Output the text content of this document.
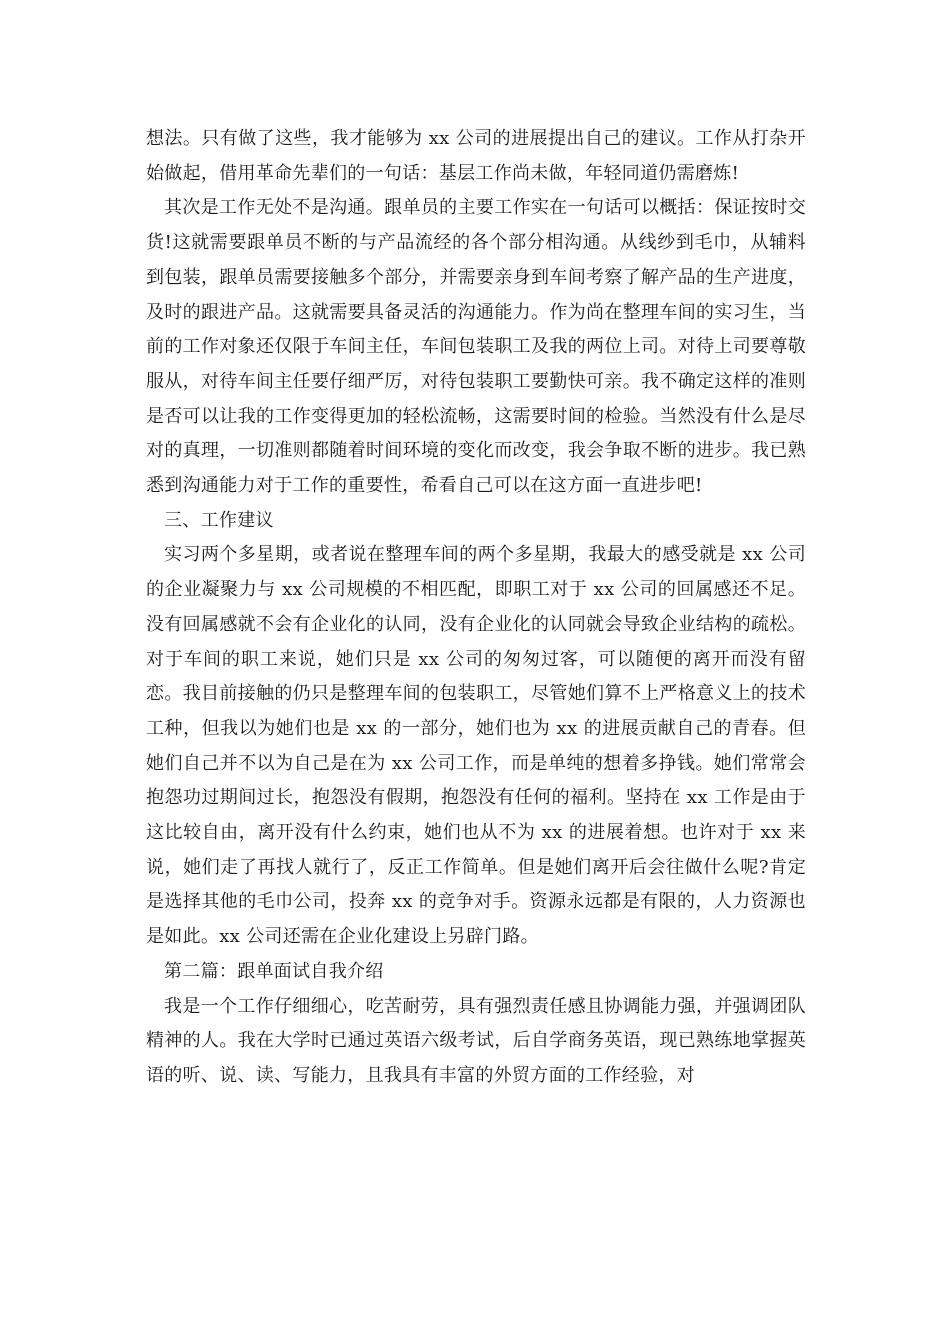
想法。只有做了这些，我才能够为 xx 公司的进展提出自己的建议。工作从打杂开始做起，借用革命先辈们的一句话：基层工作尚未做，年轻同道仍需磨炼!

其次是工作无处不是沟通。跟单员的主要工作实在一句话可以概括：保证按时交货!这就需要跟单员不断的与产品流经的各个部分相沟通。从线纱到毛巾，从辅料到包装，跟单员需要接触多个部分，并需要亲身到车间考察了解产品的生产进度，及时的跟进产品。这就需要具备灵活的沟通能力。作为尚在整理车间的实习生，当前的工作对象还仅限于车间主任，车间包装职工及我的两位上司。对待上司要尊敬服从，对待车间主任要仔细严厉，对待包装职工要勤快可亲。我不确定这样的准则是否可以让我的工作变得更加的轻松流畅，这需要时间的检验。当然没有什么是尽对的真理，一切准则都随着时间环境的变化而改变，我会争取不断的进步。我已熟悉到沟通能力对于工作的重要性，希看自己可以在这方面一直进步吧!

三、工作建议

实习两个多星期，或者说在整理车间的两个多星期，我最大的感受就是 xx 公司的企业凝聚力与 xx 公司规模的不相匹配，即职工对于 xx 公司的回属感还不足。没有回属感就不会有企业化的认同，没有企业化的认同就会导致企业结构的疏松。对于车间的职工来说，她们只是 xx 公司的匆匆过客，可以随便的离开而没有留恋。我目前接触的仍只是整理车间的包装职工，尽管她们算不上严格意义上的技术工种，但我以为她们也是 xx 的一部分，她们也为 xx 的进展贡献自己的青春。但她们自己并不以为自己是在为 xx 公司工作，而是单纯的想着多挣钱。她们常常会抱怨功过期间过长，抱怨没有假期，抱怨没有任何的福利。坚持在 xx 工作是由于这比较自由，离开没有什么约束，她们也从不为 xx 的进展着想。也许对于 xx 来说，她们走了再找人就行了，反正工作简单。但是她们离开后会往做什么呢?肯定是选择其他的毛巾公司，投奔 xx 的竞争对手。资源永远都是有限的，人力资源也是如此。xx 公司还需在企业化建设上另辟门路。

第二篇：跟单面试自我介绍

我是一个工作仔细细心，吃苦耐劳，具有强烈责任感且协调能力强，并强调团队精神的人。我在大学时已通过英语六级考试，后自学商务英语，现已熟练地掌握英语的听、说、读、写能力，且我具有丰富的外贸方面的工作经验，对
